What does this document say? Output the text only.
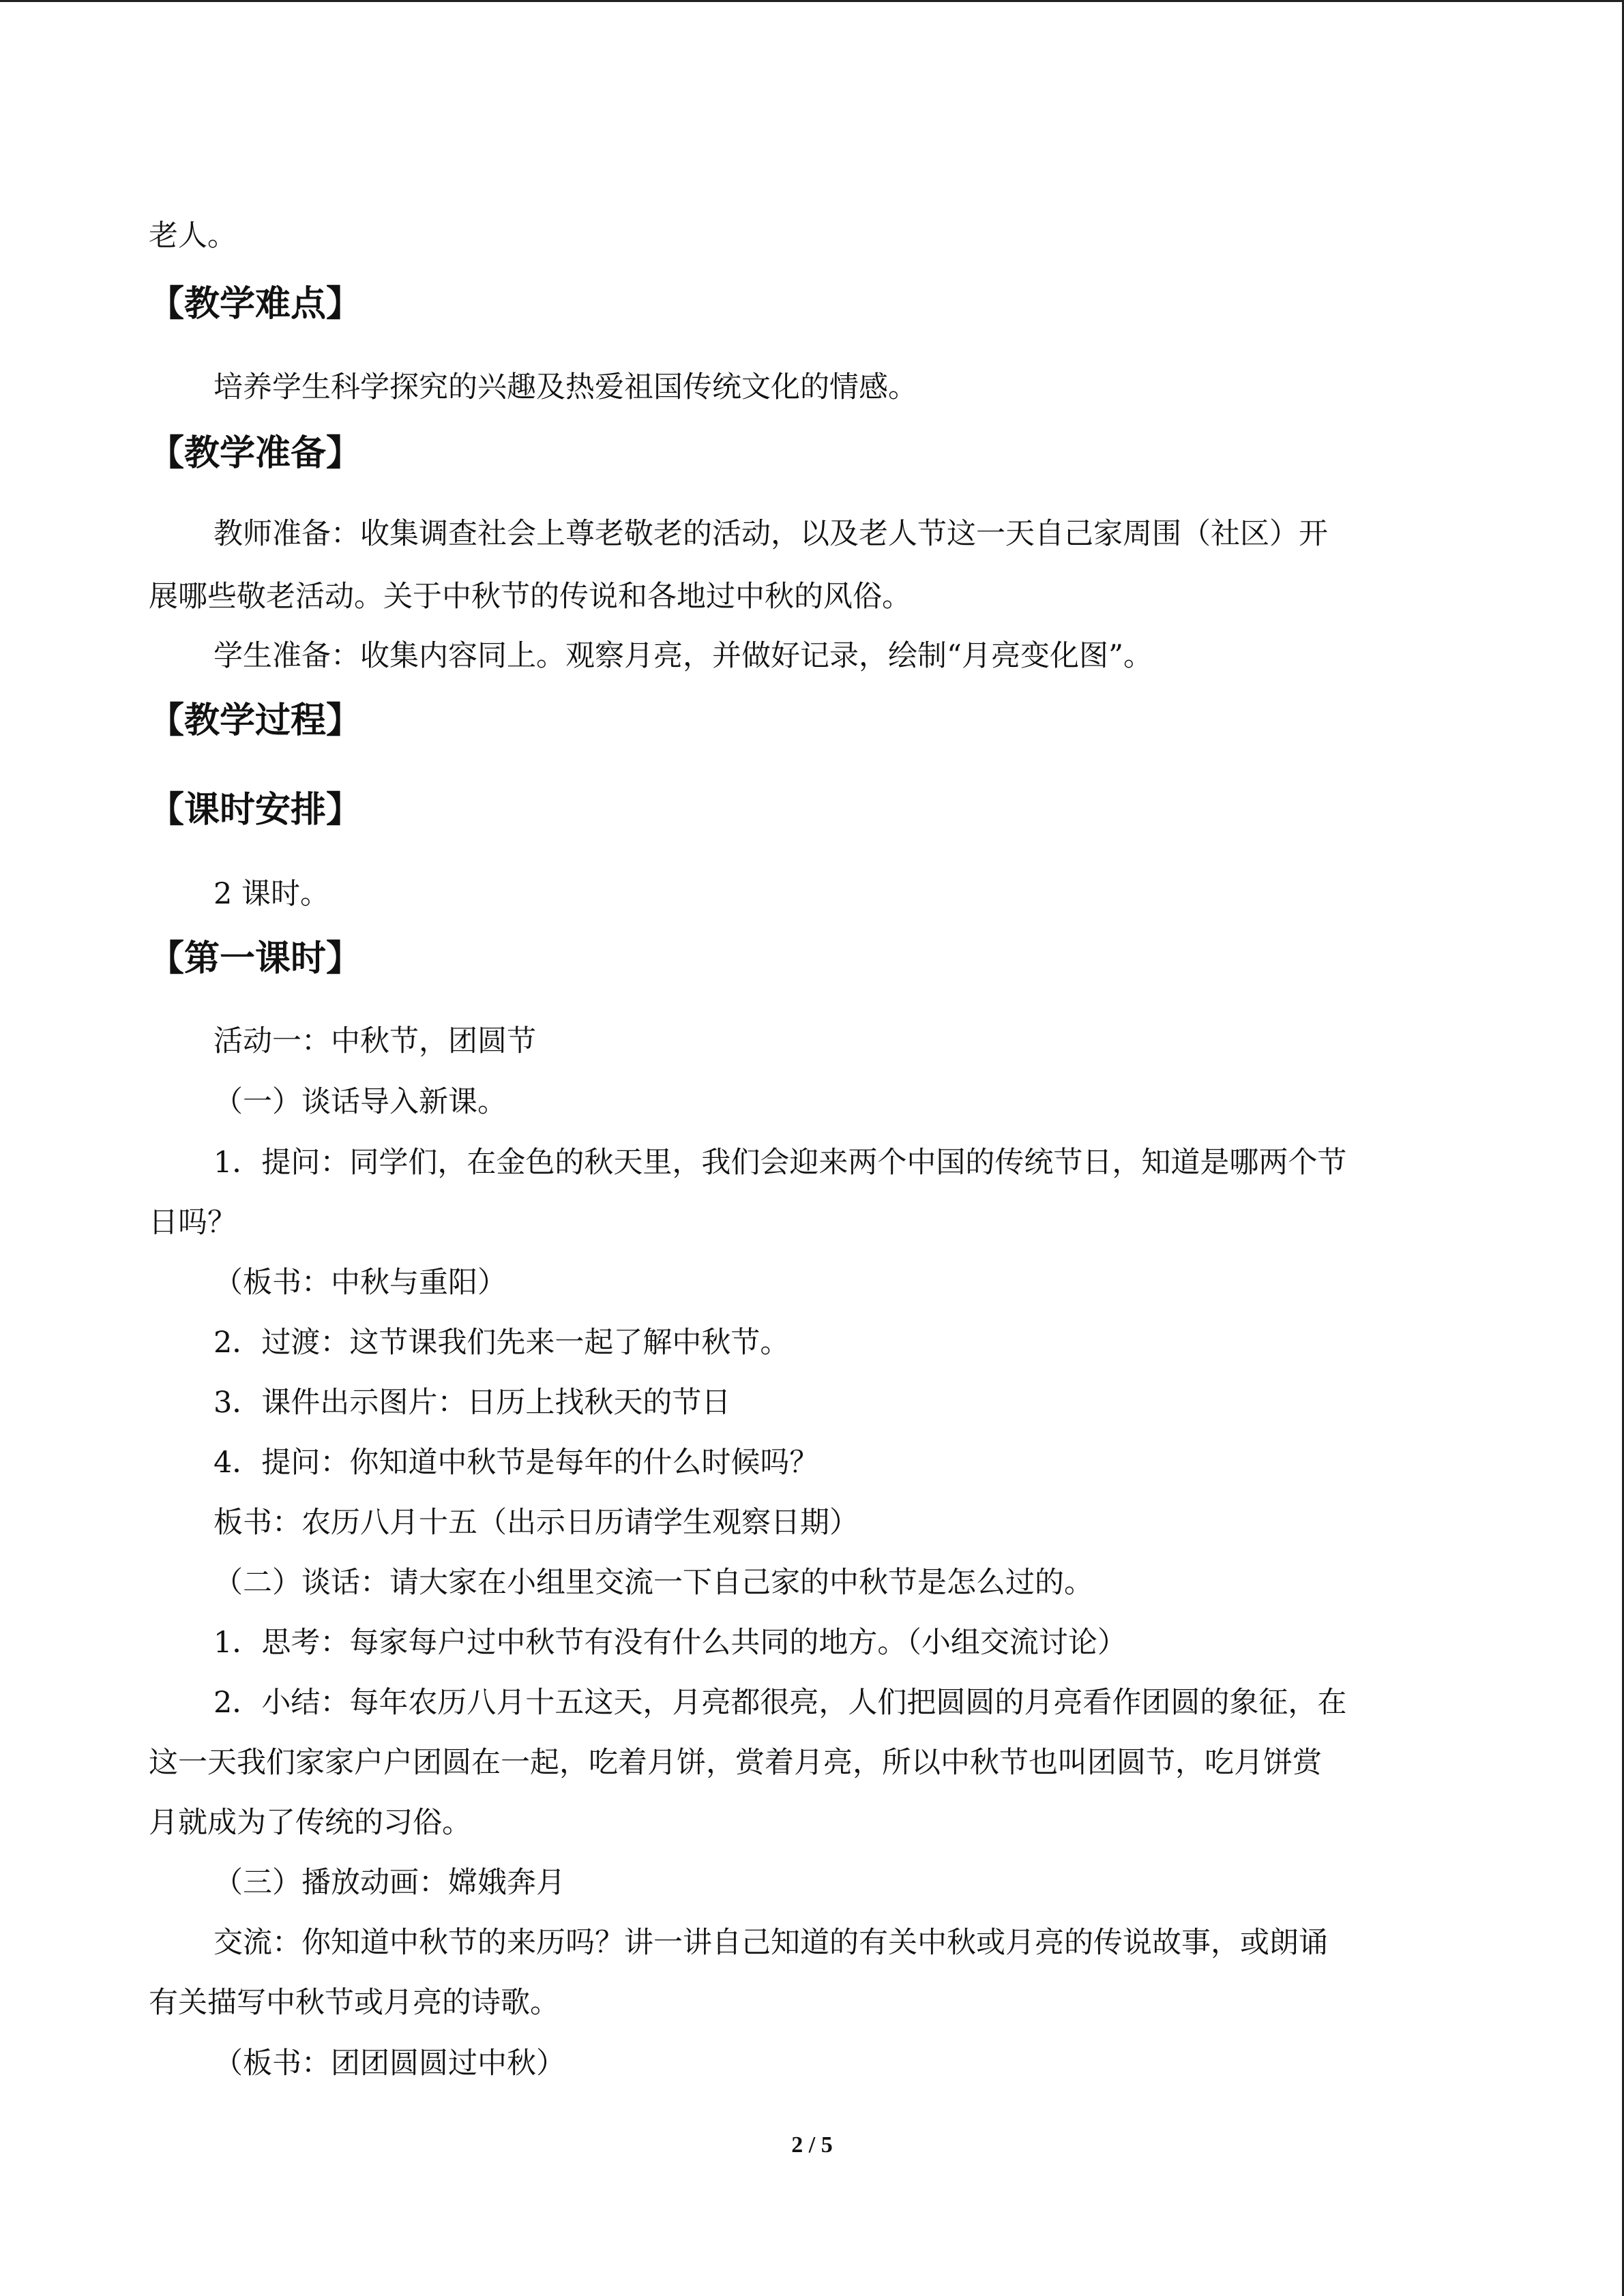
老人。
【教学难点】
培养学生科学探究的兴趣及热爱祖国传统文化的情感。
【教学准备】
教师准备：收集调查社会上尊老敬老的活动，以及老人节这一天自己家周围（社区）开
展哪些敬老活动。关于中秋节的传说和各地过中秋的风俗。
学生准备：收集内容同上。观察月亮，并做好记录，绘制“月亮变化图”。
【教学过程】
【课时安排】
2 课时。
【第一课时】
活动一：中秋节，团圆节
（一）谈话导入新课。
1．提问：同学们，在金色的秋天里，我们会迎来两个中国的传统节日，知道是哪两个节
日吗？
（板书：中秋与重阳）
2．过渡：这节课我们先来一起了解中秋节。
3．课件出示图片：日历上找秋天的节日
4．提问：你知道中秋节是每年的什么时候吗？
板书：农历八月十五（出示日历请学生观察日期）
（二）谈话：请大家在小组里交流一下自己家的中秋节是怎么过的。
1．思考：每家每户过中秋节有没有什么共同的地方。（小组交流讨论）
2．小结：每年农历八月十五这天，月亮都很亮，人们把圆圆的月亮看作团圆的象征，在
这一天我们家家户户团圆在一起，吃着月饼，赏着月亮，所以中秋节也叫团圆节，吃月饼赏
月就成为了传统的习俗。
（三）播放动画：嫦娥奔月
交流：你知道中秋节的来历吗？讲一讲自己知道的有关中秋或月亮的传说故事，或朗诵
有关描写中秋节或月亮的诗歌。
（板书：团团圆圆过中秋）
2 / 5
